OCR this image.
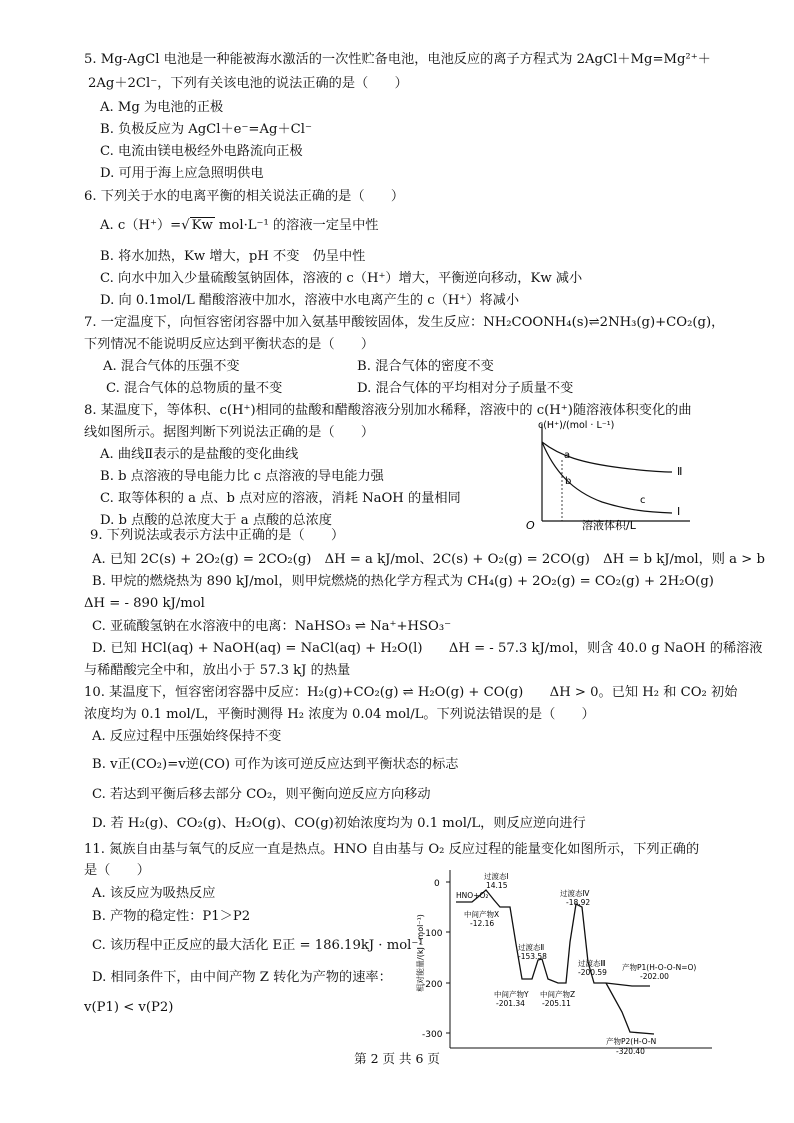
5. Mg-AgCl 电池是一种能被海水激活的一次性贮备电池，电池反应的离子方程式为 2AgCl＋Mg=Mg²⁺＋
2Ag＋2Cl⁻，下列有关该电池的说法正确的是（　　）
A. Mg 为电池的正极
B. 负极反应为 AgCl＋e⁻=Ag＋Cl⁻
C. 电流由镁电极经外电路流向正极
D. 可用于海上应急照明供电
6. 下列关于水的电离平衡的相关说法正确的是（　　）
A. c（H⁺）=√ Kw mol·L⁻¹ 的溶液一定呈中性
B. 将水加热，Kw 增大，pH 不变　仍呈中性
C. 向水中加入少量硫酸氢钠固体，溶液的 c（H⁺）增大，平衡逆向移动，Kw 减小
D. 向 0.1mol/L 醋酸溶液中加水，溶液中水电离产生的 c（H⁺）将减小
7. 一定温度下，向恒容密闭容器中加入氨基甲酸铵固体，发生反应：NH₂COONH₄(s)⇌2NH₃(g)+CO₂(g)，
下列情况不能说明反应达到平衡状态的是（　　）
A. 混合气体的压强不变	B. 混合气体的密度不变
C. 混合气体的总物质的量不变	D. 混合气体的平均相对分子质量不变
8. 某温度下，等体积、c(H⁺)相同的盐酸和醋酸溶液分别加水稀释，溶液中的 c(H⁺)随溶液体积变化的曲
线如图所示。据图判断下列说法正确的是（　　）
A. 曲线Ⅱ表示的是盐酸的变化曲线
B. b 点溶液的导电能力比 c 点溶液的导电能力强
C. 取等体积的 a 点、b 点对应的溶液，消耗 NaOH 的量相同
D. b 点酸的总浓度大于 a 点酸的总浓度
c(H⁺)/(mol · L⁻¹)
O	溶液体积/L
a
b
c
Ⅱ
Ⅰ
9. 下列说法或表示方法中正确的是（　　）
A. 已知 2C(s) + 2O₂(g) = 2CO₂(g)　ΔH = a kJ/mol、2C(s) + O₂(g) = 2CO(g)　ΔH = b kJ/mol，则 a > b
B. 甲烷的燃烧热为 890 kJ/mol，则甲烷燃烧的热化学方程式为 CH₄(g) + 2O₂(g) = CO₂(g) + 2H₂O(g)
ΔH = - 890 kJ/mol
C. 亚硫酸氢钠在水溶液中的电离：NaHSO₃ ⇌ Na⁺+HSO₃⁻
D. 已知 HCl(aq) + NaOH(aq) = NaCl(aq) + H₂O(l)　　ΔH = - 57.3 kJ/mol，则含 40.0 g NaOH 的稀溶液
与稀醋酸完全中和，放出小于 57.3 kJ 的热量
10. 某温度下，恒容密闭容器中反应：H₂(g)+CO₂(g) ⇌ H₂O(g) + CO(g)　　ΔH > 0。已知 H₂ 和 CO₂ 初始
浓度均为 0.1 mol/L，平衡时测得 H₂ 浓度为 0.04 mol/L。下列说法错误的是（　　）
A. 反应过程中压强始终保持不变
B. v正(CO₂)=v逆(CO) 可作为该可逆反应达到平衡状态的标志
C. 若达到平衡后移去部分 CO₂，则平衡向逆反应方向移动
D. 若 H₂(g)、CO₂(g)、H₂O(g)、CO(g)初始浓度均为 0.1 mol/L，则反应逆向进行
11. 氮族自由基与氧气的反应一直是热点。HNO 自由基与 O₂ 反应过程的能量变化如图所示，下列正确的
是（　　）
A. 该反应为吸热反应
B. 产物的稳定性：P1＞P2
C. 该历程中正反应的最大活化 E正 = 186.19kJ · mol⁻¹
D. 相同条件下，由中间产物 Z 转化为产物的速率：
v(P1) < v(P2)
相对能量/(kJ · mol⁻¹)
0
-100
-200
-300
HNO+O₂
过渡态Ⅰ
14.15
中间产物X
-12.16
过渡态Ⅱ
-153.58
中间产物Y
-201.34
中间产物Z
-205.11
过渡态Ⅳ
-18.92
过渡态Ⅲ
-200.59
产物P1(H-O-O-N=O)
-202.00
产物P2(H-O-N
-320.40
第 2 页 共 6 页
